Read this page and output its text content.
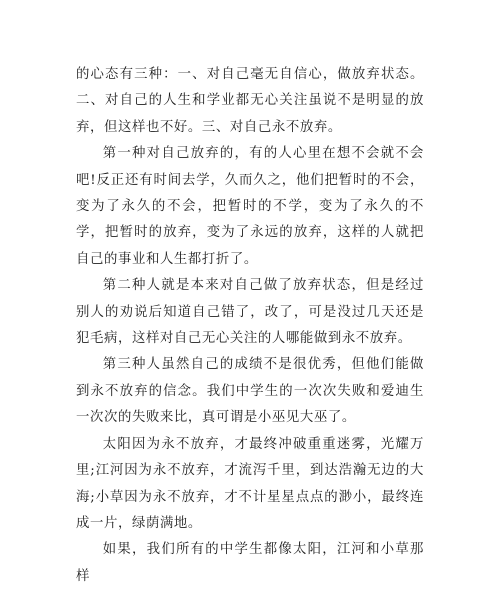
的心态有三种：一、对自己毫无自信心，做放弃状态。二、对自己的人生和学业都无心关注虽说不是明显的放弃，但这样也不好。三、对自己永不放弃。

第一种对自己放弃的，有的人心里在想不会就不会吧!反正还有时间去学，久而久之，他们把暂时的不会，变为了永久的不会，把暂时的不学，变为了永久的不学，把暂时的放弃，变为了永远的放弃，这样的人就把自己的事业和人生都打折了。

第二种人就是本来对自己做了放弃状态，但是经过别人的劝说后知道自己错了，改了，可是没过几天还是犯毛病，这样对自己无心关注的人哪能做到永不放弃。

第三种人虽然自己的成绩不是很优秀，但他们能做到永不放弃的信念。我们中学生的一次次失败和爱迪生一次次的失败来比，真可谓是小巫见大巫了。

太阳因为永不放弃，才最终冲破重重迷雾，光耀万里;江河因为永不放弃，才流泻千里，到达浩瀚无边的大海;小草因为永不放弃，才不计星星点点的渺小，最终连成一片，绿荫满地。

如果，我们所有的中学生都像太阳，江河和小草那样
